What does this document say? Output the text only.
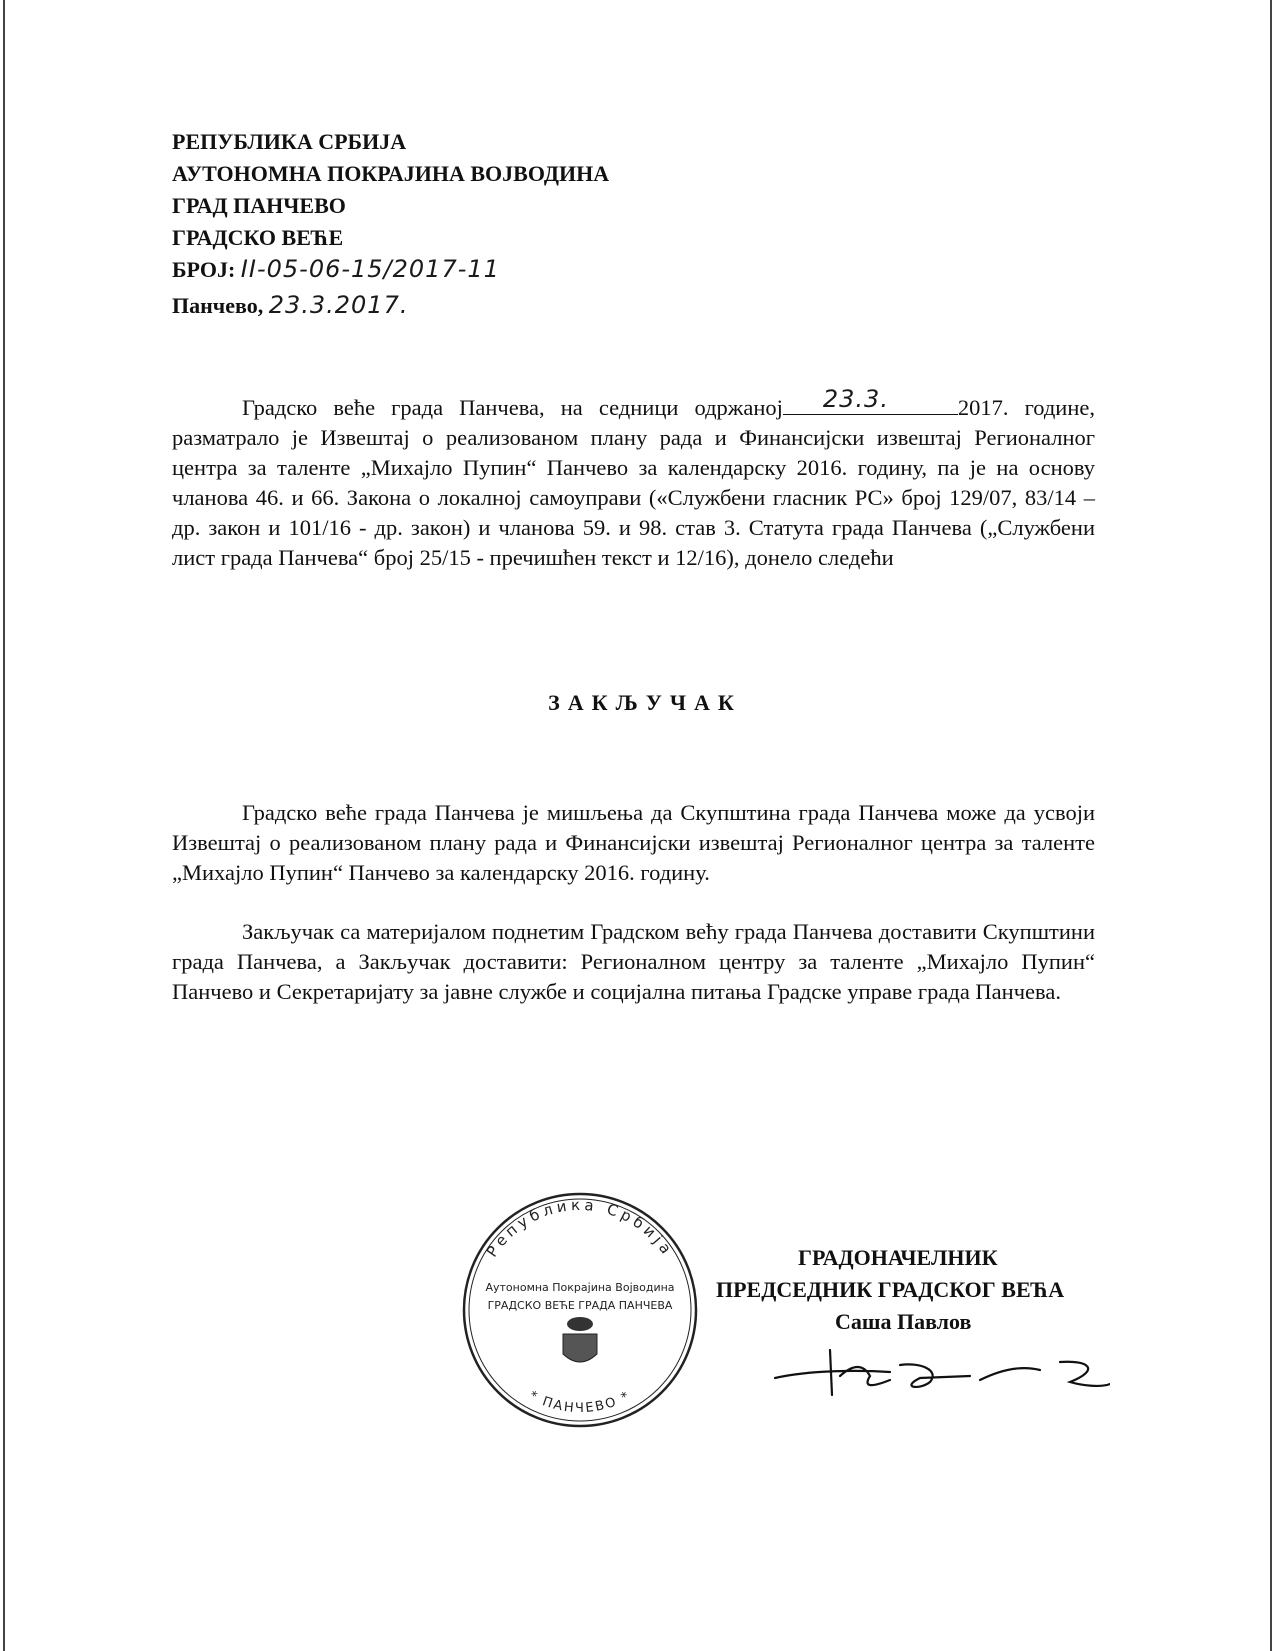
РЕПУБЛИКА СРБИЈА
АУТОНОМНА ПОКРАЈИНА ВОЈВОДИНА
ГРАД ПАНЧЕВО
ГРАДСКО ВЕЋЕ
БРОЈ: II-05-06-15/2017-11
Панчево, 23.3.2017.
Градско веће града Панчева, на седници одржаној 23.3.	2017. године, разматрало је Извештај о реализованом плану рада и Финансијски извештај Регионалног центра за таленте „Михајло Пупин“ Панчево за календарску 2016. годину, па је на основу чланова 46. и 66. Закона о локалној самоуправи («Службени гласник РС» број 129/07, 83/14 – др. закон и 101/16 - др. закон) и чланова 59. и 98. став 3. Статута града Панчева („Службени лист града Панчева“ број 25/15 - пречишћен текст и 12/16), донело следећи
ЗАКЉУЧАК
Градско веће града Панчева је мишљења да Скупштина града Панчева може да усвоји Извештај о реализованом плану рада и Финансијски извештај Регионалног центра за таленте „Михајло Пупин“ Панчево за календарску 2016. годину.
Закључак са материјалом поднетим Градском већу града Панчева доставити Скупштини града Панчева, а Закључак доставити: Регионалном центру за таленте „Михајло Пупин“ Панчево и Секретаријату за јавне службе и социјална питања Градске управе града Панчева.
Република Србија
Аутономна Покрајина Војводина
ГРАДСКО ВЕЋЕ ГРАДА ПАНЧЕВА
* ПАНЧЕВО *
ГРАДОНАЧЕЛНИК
ПРЕДСЕДНИК ГРАДСКОГ ВЕЋА
Саша Павлов
